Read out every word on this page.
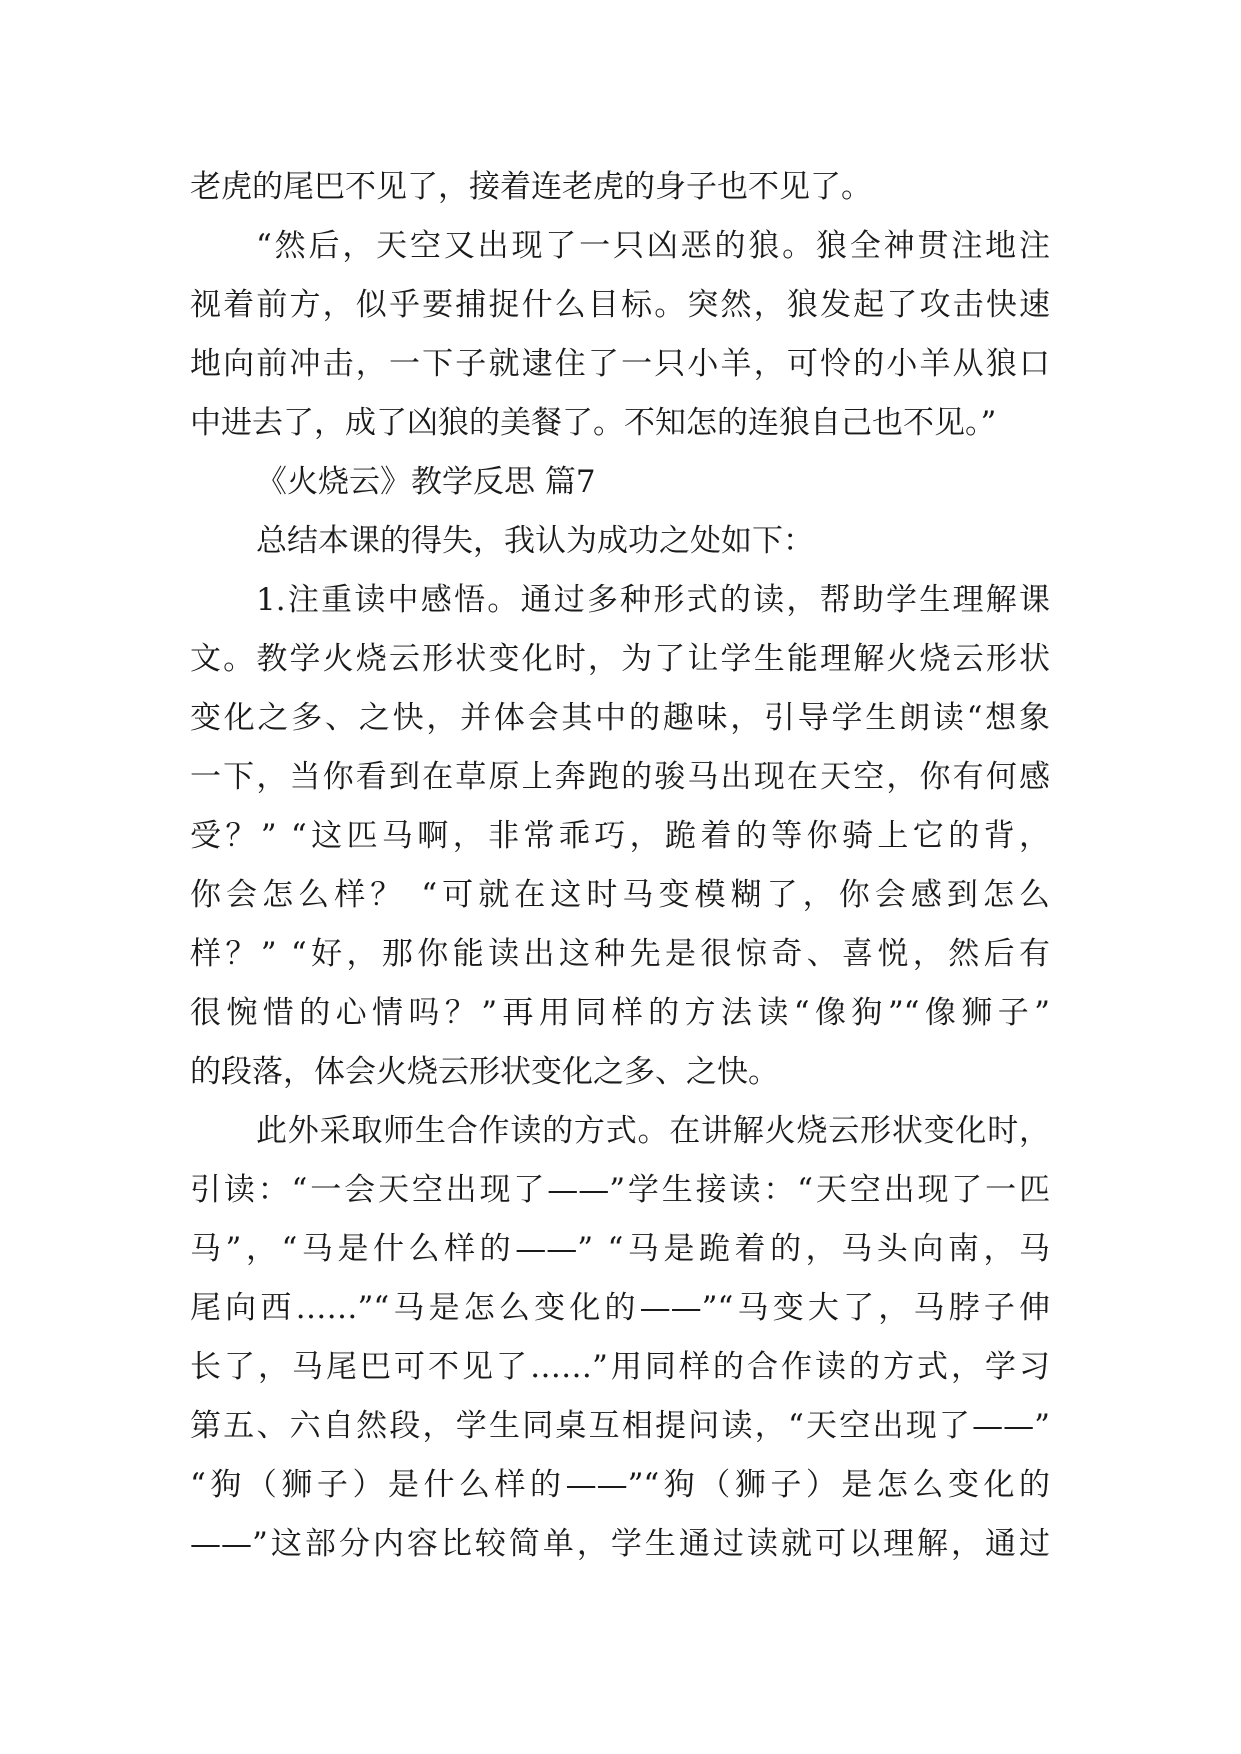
老虎的尾巴不见了，接着连老虎的身子也不见了。
“然后，天空又出现了一只凶恶的狼。狼全神贯注地注
视着前方，似乎要捕捉什么目标。突然，狼发起了攻击快速
地向前冲击，一下子就逮住了一只小羊，可怜的小羊从狼口
中进去了，成了凶狼的美餐了。不知怎的连狼自己也不见。”
《火烧云》教学反思 篇7
总结本课的得失，我认为成功之处如下：
1.注重读中感悟。通过多种形式的读，帮助学生理解课
文。教学火烧云形状变化时，为了让学生能理解火烧云形状
变化之多、之快，并体会其中的趣味，引导学生朗读“想象
一下，当你看到在草原上奔跑的骏马出现在天空，你有何感
受？” “这匹马啊，非常乖巧，跪着的等你骑上它的背，
你会怎么样？ “可就在这时马变模糊了，你会感到怎么
样？” “好，那你能读出这种先是很惊奇、喜悦，然后有
很惋惜的心情吗？”再用同样的方法读“像狗”“像狮子”
的段落，体会火烧云形状变化之多、之快。
此外采取师生合作读的方式。在讲解火烧云形状变化时，
引读：“一会天空出现了——”学生接读：“天空出现了一匹
马”，“马是什么样的——” “马是跪着的，马头向南，马
尾向西……”“马是怎么变化的——”“马变大了，马脖子伸
长了，马尾巴可不见了……”用同样的合作读的方式，学习
第五、六自然段，学生同桌互相提问读，“天空出现了——”
“狗（狮子）是什么样的——”“狗（狮子）是怎么变化的
——”这部分内容比较简单，学生通过读就可以理解，通过
